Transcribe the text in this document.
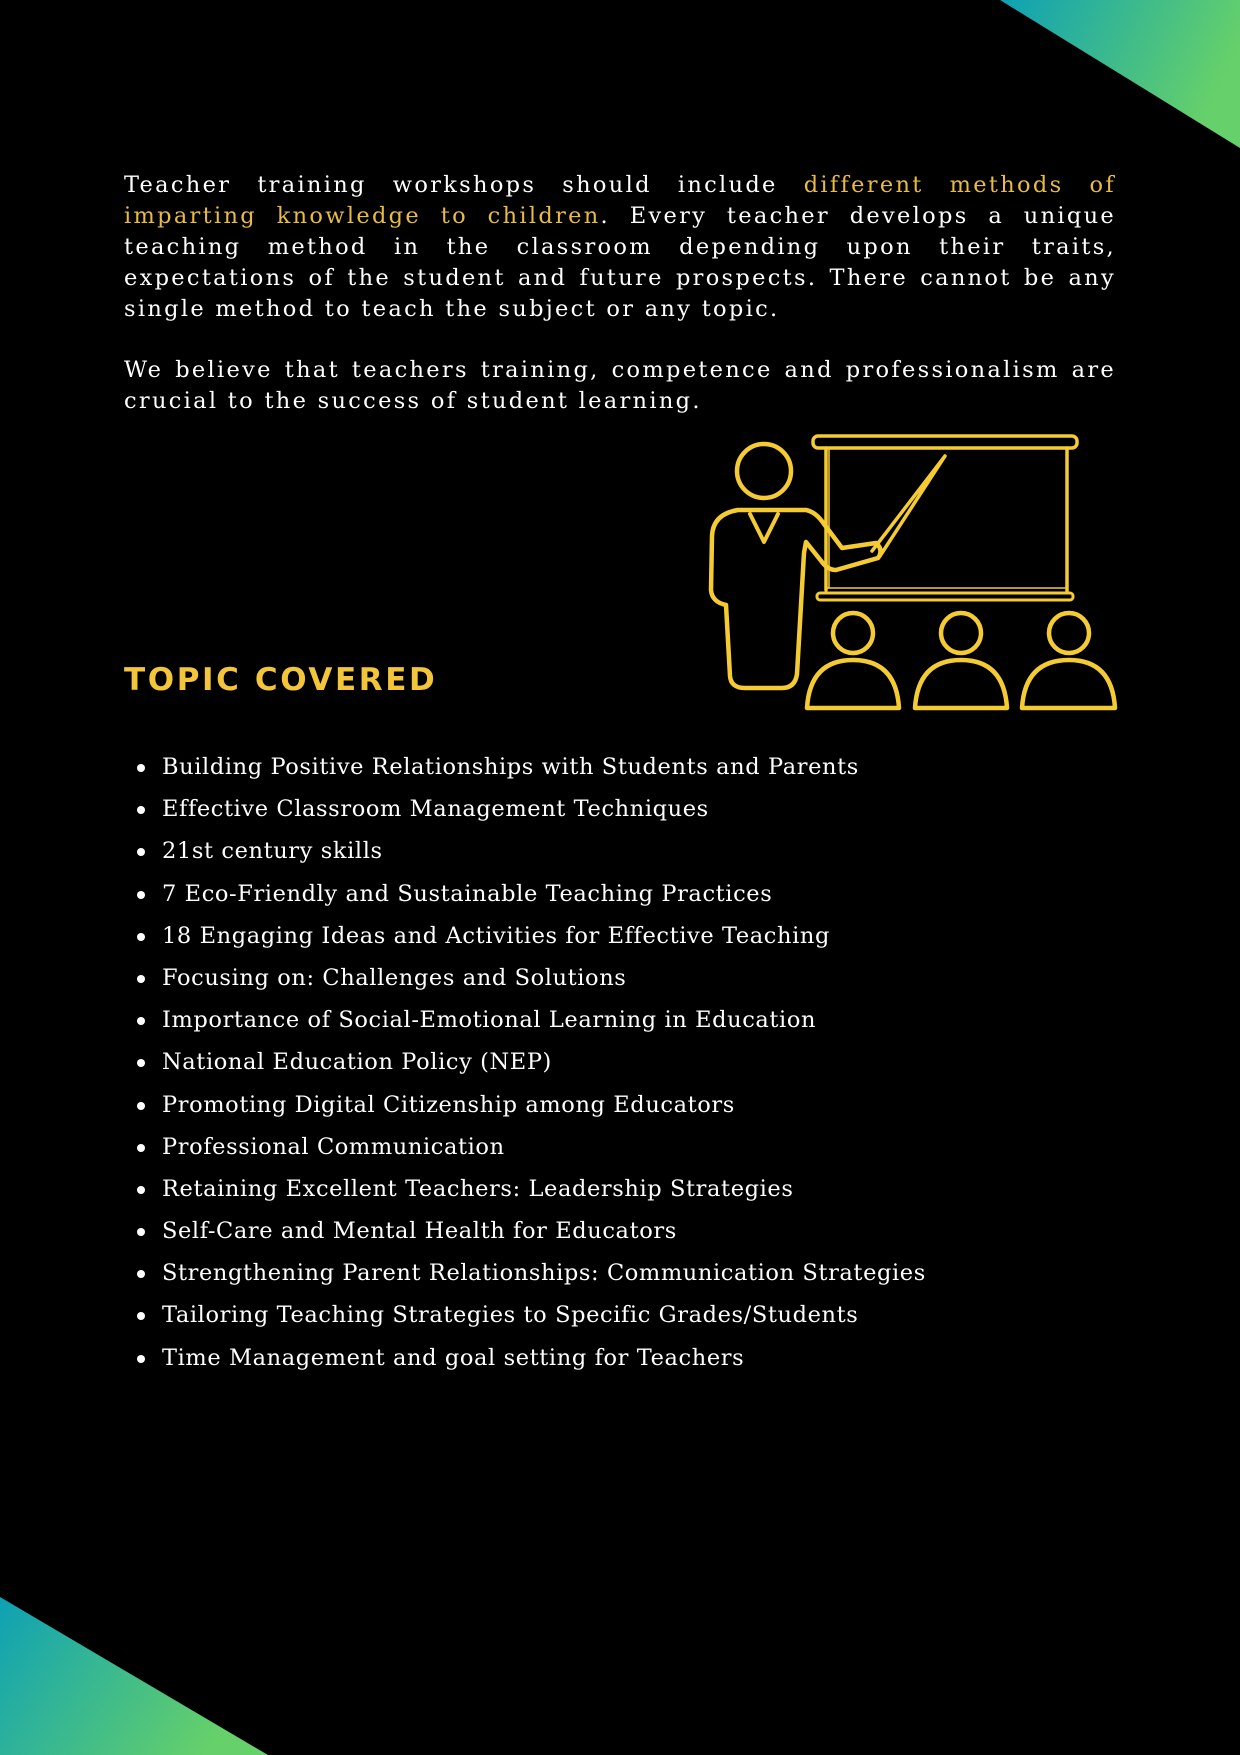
Teacher training workshops should include different methods of imparting knowledge to children. Every teacher develops a unique teaching method in the classroom depending upon their traits, expectations of the student and future prospects. There cannot be any single method to teach the subject or any topic.

We believe that teachers training, competence and professionalism are crucial to the success of student learning.

TOPIC COVERED
Building Positive Relationships with Students and Parents
Effective Classroom Management Techniques
21st century skills
7 Eco-Friendly and Sustainable Teaching Practices
18 Engaging Ideas and Activities for Effective Teaching
Focusing on: Challenges and Solutions
Importance of Social-Emotional Learning in Education
National Education Policy (NEP)
Promoting Digital Citizenship among Educators
Professional Communication
Retaining Excellent Teachers: Leadership Strategies
Self-Care and Mental Health for Educators
Strengthening Parent Relationships: Communication Strategies
Tailoring Teaching Strategies to Specific Grades/Students
Time Management and goal setting for Teachers
